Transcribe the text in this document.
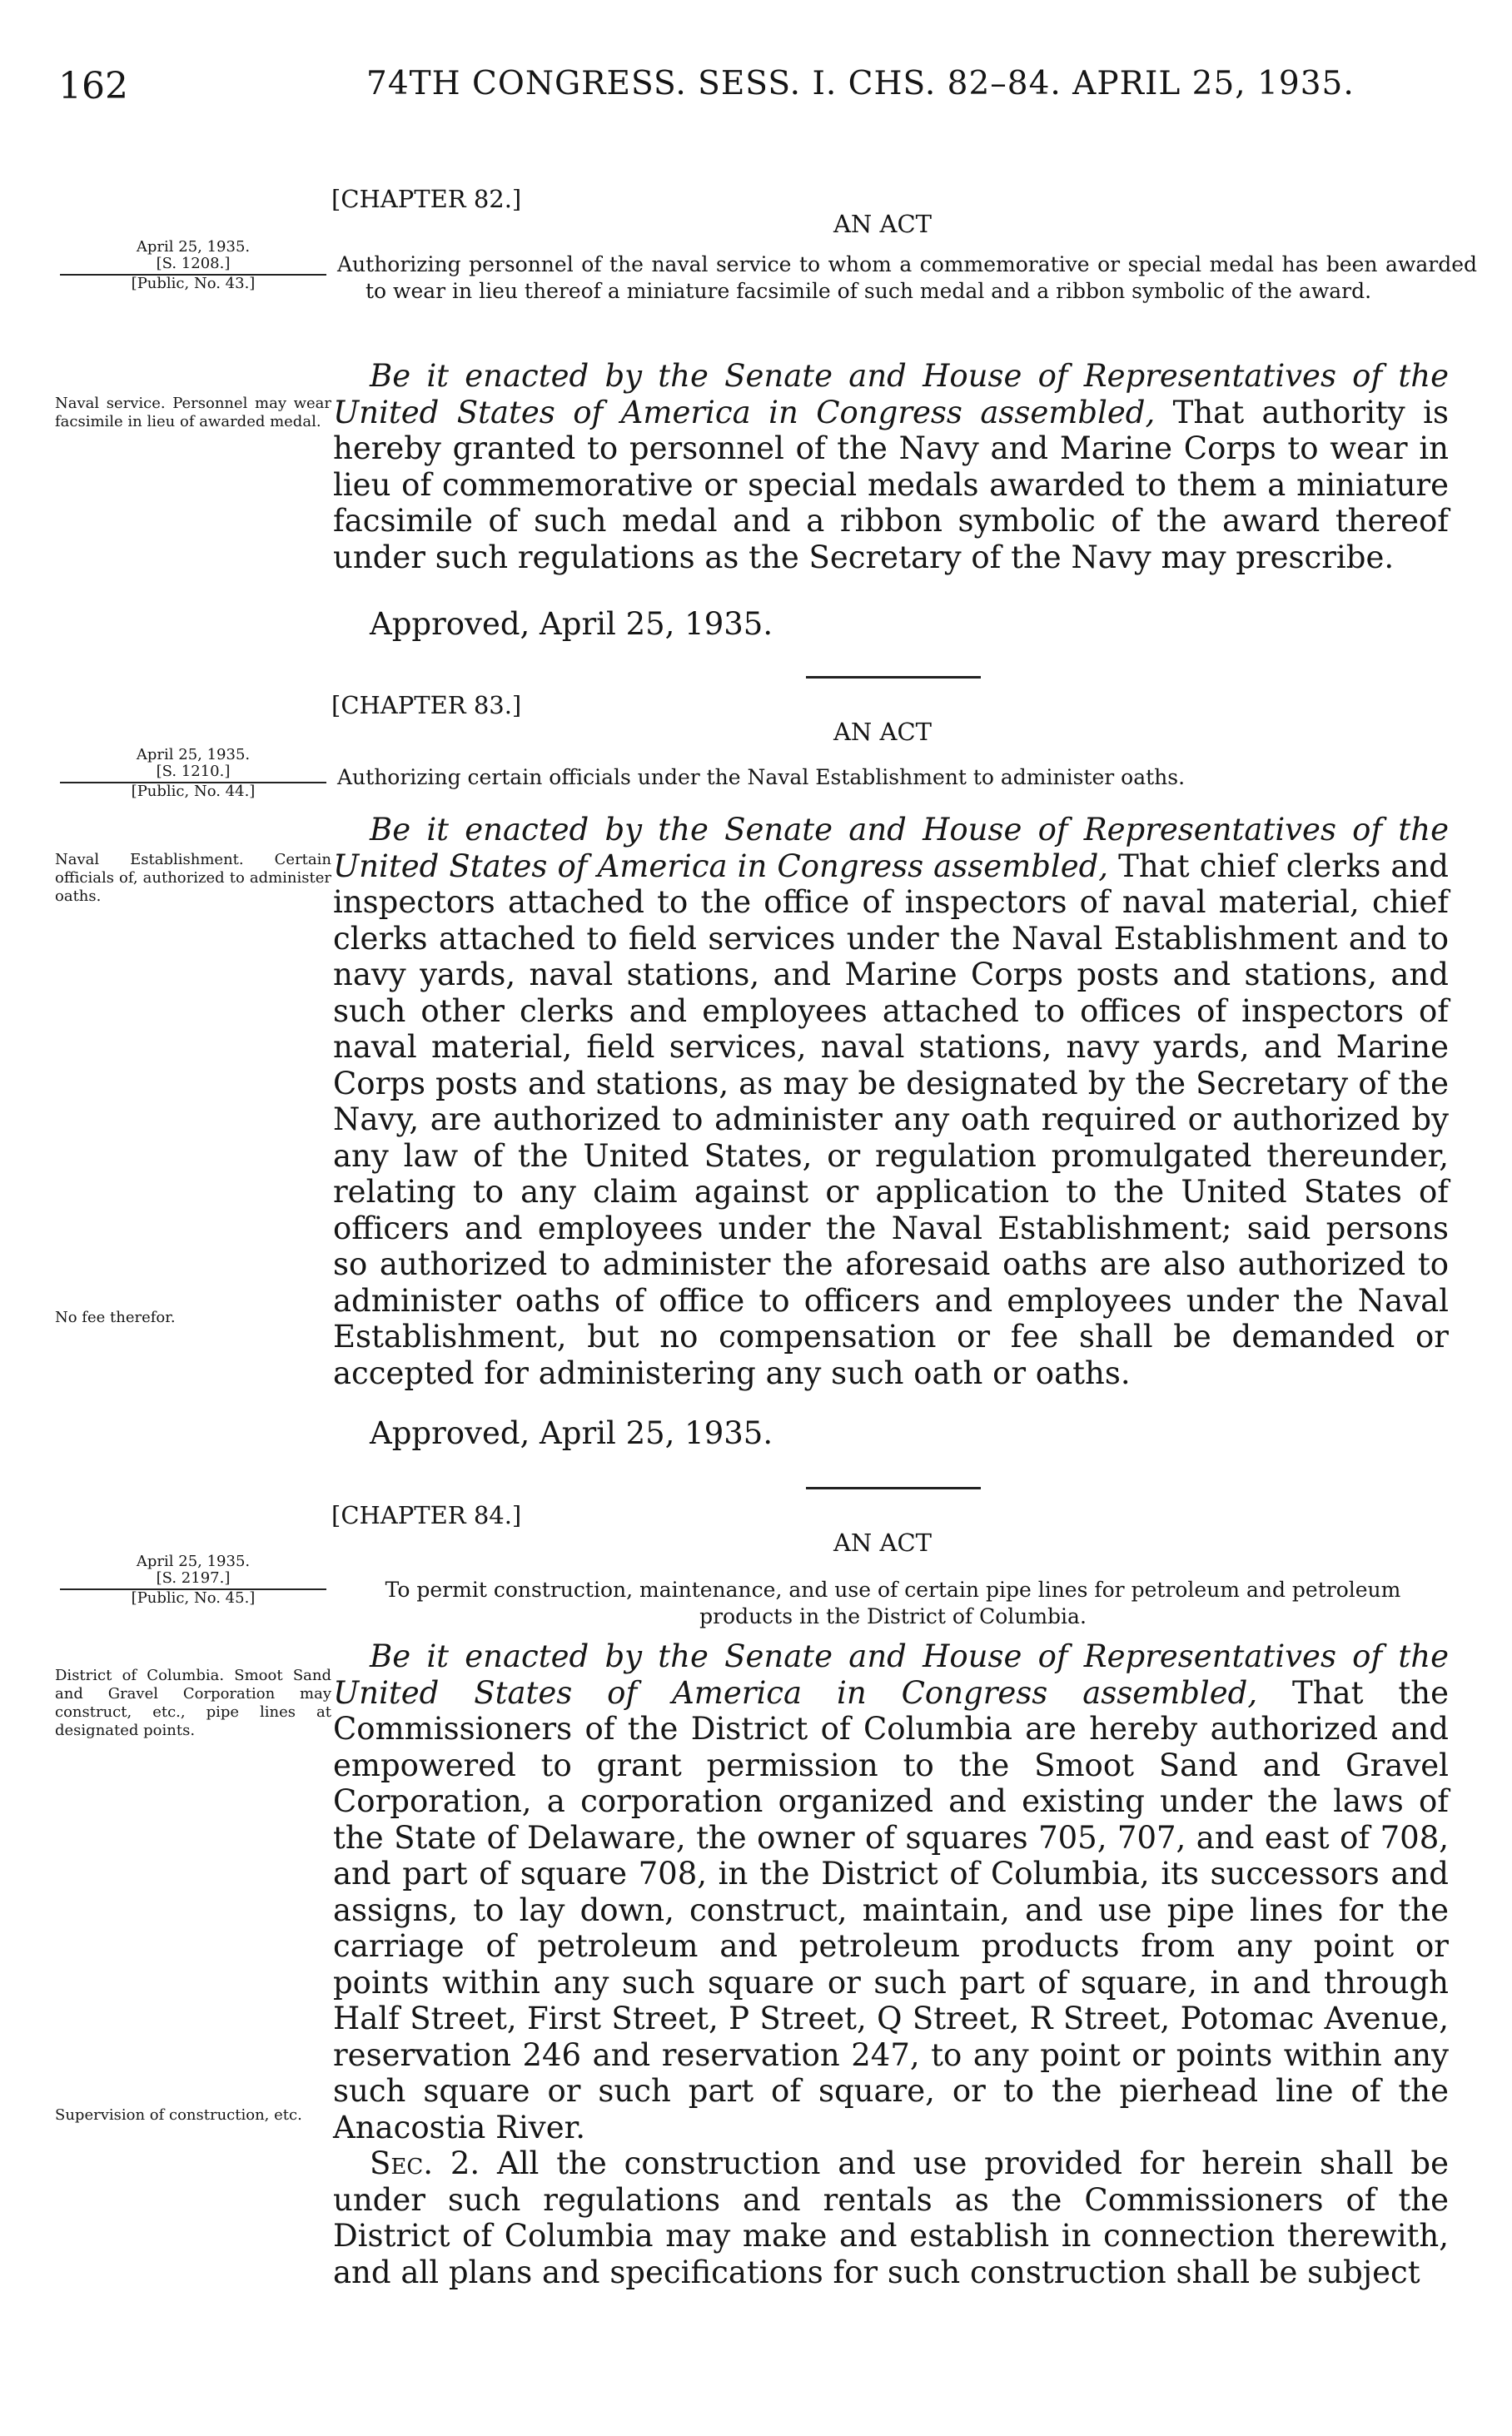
162	74TH CONGRESS. SESS. I. CHS. 82–84. APRIL 25, 1935.
[CHAPTER 82.]
AN ACT
April 25, 1935.
[S. 1208.]
[Public, No. 43.]
Authorizing personnel of the naval service to whom a commemorative or special medal has been awarded to wear in lieu thereof a miniature facsimile of such medal and a ribbon symbolic of the award.
Naval service. Personnel may wear facsimile in lieu of awarded medal.

Be it enacted by the Senate and House of Representatives of the United States of America in Congress assembled, That authority is hereby granted to personnel of the Navy and Marine Corps to wear in lieu of commemorative or special medals awarded to them a miniature facsimile of such medal and a ribbon symbolic of the award thereof under such regulations as the Secretary of the Navy may prescribe.

Approved, April 25, 1935.
[CHAPTER 83.]
AN ACT
April 25, 1935.
[S. 1210.]
[Public, No. 44.]
Authorizing certain officials under the Naval Establishment to administer oaths.
Naval Establishment. Certain officials of, authorized to administer oaths.
No fee therefor.

Be it enacted by the Senate and House of Representatives of the United States of America in Congress assembled, That chief clerks and inspectors attached to the office of inspectors of naval material, chief clerks attached to field services under the Naval Establishment and to navy yards, naval stations, and Marine Corps posts and stations, and such other clerks and employees attached to offices of inspectors of naval material, field services, naval stations, navy yards, and Marine Corps posts and stations, as may be designated by the Secretary of the Navy, are authorized to administer any oath required or authorized by any law of the United States, or regulation promulgated thereunder, relating to any claim against or application to the United States of officers and employees under the Naval Establishment; said persons so authorized to administer the aforesaid oaths are also authorized to administer oaths of office to officers and employees under the Naval Establishment, but no compensation or fee shall be demanded or accepted for administering any such oath or oaths.

Approved, April 25, 1935.
[CHAPTER 84.]
AN ACT
April 25, 1935.
[S. 2197.]
[Public, No. 45.]	To permit construction, maintenance, and use of certain pipe lines for petroleum and petroleum products in the District of Columbia.
District of Columbia. Smoot Sand and Gravel Corporation may construct, etc., pipe lines at designated points.
Supervision of construction, etc.

Be it enacted by the Senate and House of Representatives of the United States of America in Congress assembled, That the Commissioners of the District of Columbia are hereby authorized and empowered to grant permission to the Smoot Sand and Gravel Corporation, a corporation organized and existing under the laws of the State of Delaware, the owner of squares 705, 707, and east of 708, and part of square 708, in the District of Columbia, its successors and assigns, to lay down, construct, maintain, and use pipe lines for the carriage of petroleum and petroleum products from any point or points within any such square or such part of square, in and through Half Street, First Street, P Street, Q Street, R Street, Potomac Avenue, reservation 246 and reservation 247, to any point or points within any such square or such part of square, or to the pierhead line of the Anacostia River.

Sec. 2. All the construction and use provided for herein shall be under such regulations and rentals as the Commissioners of the District of Columbia may make and establish in connection therewith, and all plans and specifications for such construction shall be subject
